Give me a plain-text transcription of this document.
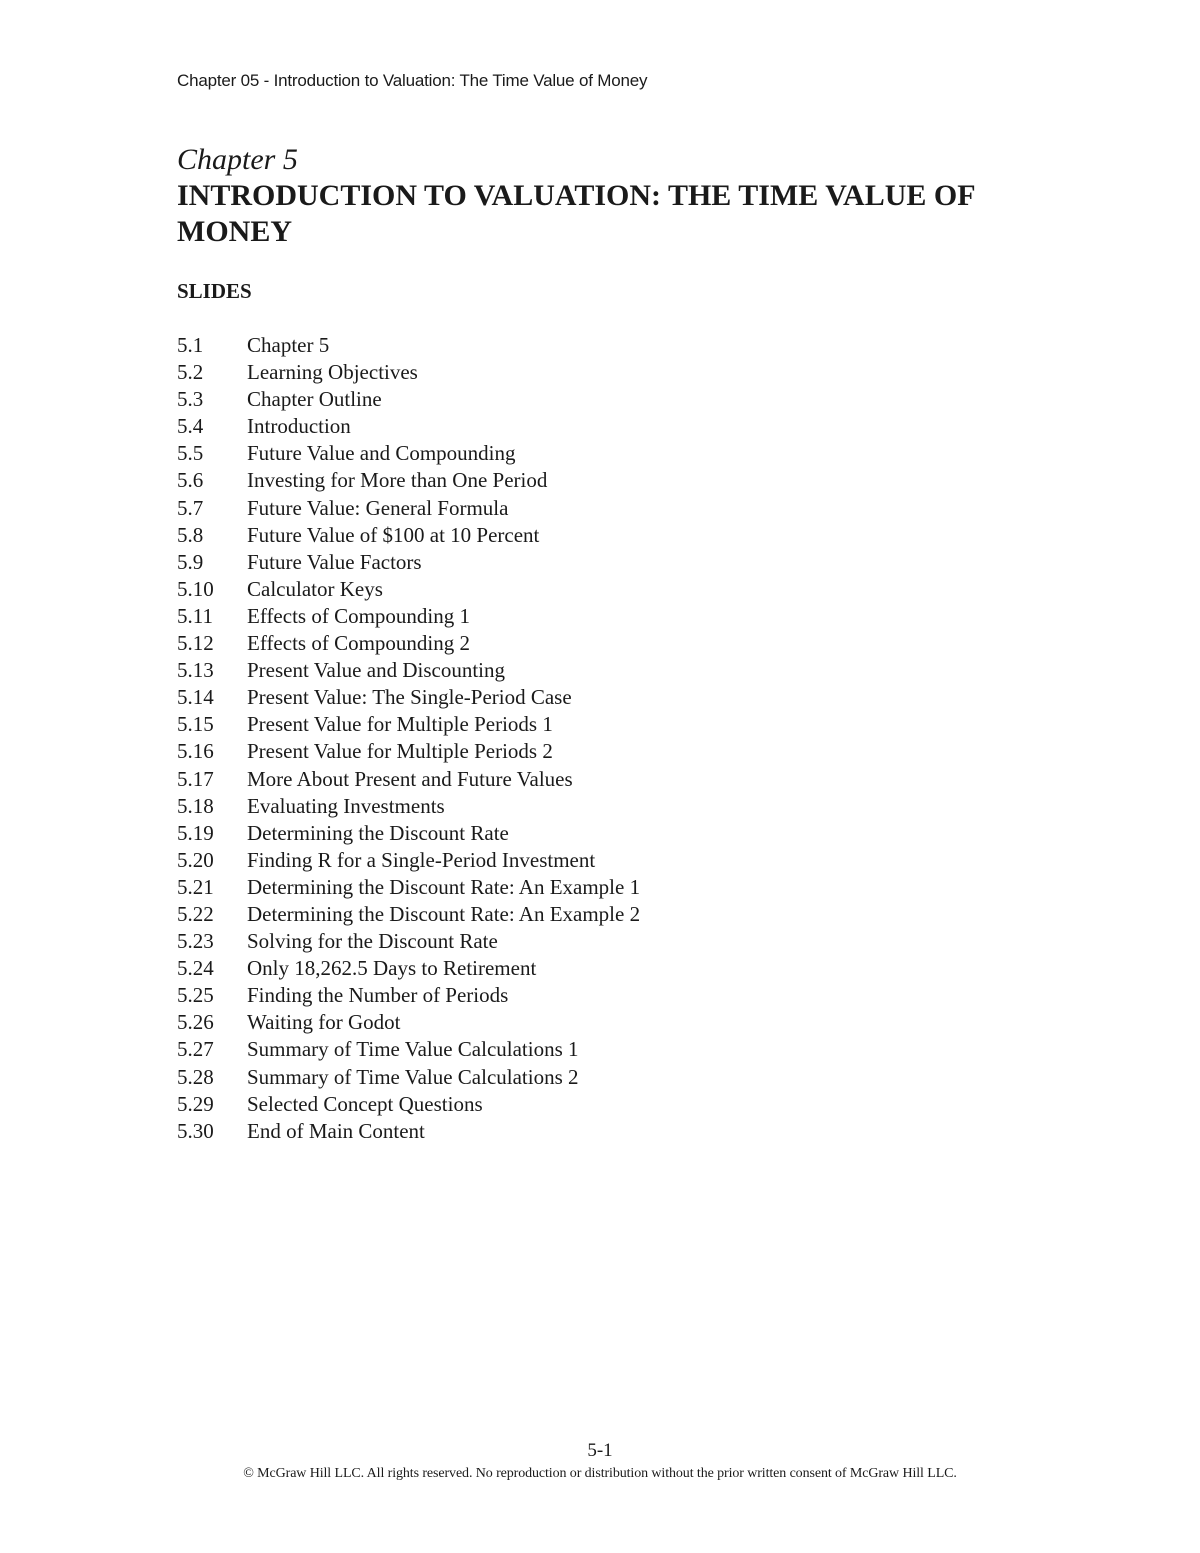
Chapter 05 - Introduction to Valuation: The Time Value of Money
Chapter 5
INTRODUCTION TO VALUATION: THE TIME VALUE OF MONEY
SLIDES
5.1	Chapter 5
5.2	Learning Objectives
5.3	Chapter Outline
5.4	Introduction
5.5	Future Value and Compounding
5.6	Investing for More than One Period
5.7	Future Value: General Formula
5.8	Future Value of $100 at 10 Percent
5.9	Future Value Factors
5.10	Calculator Keys
5.11	Effects of Compounding 1
5.12	Effects of Compounding 2
5.13	Present Value and Discounting
5.14	Present Value: The Single-Period Case
5.15	Present Value for Multiple Periods 1
5.16	Present Value for Multiple Periods 2
5.17	More About Present and Future Values
5.18	Evaluating Investments
5.19	Determining the Discount Rate
5.20	Finding R for a Single-Period Investment
5.21	Determining the Discount Rate: An Example 1
5.22	Determining the Discount Rate: An Example 2
5.23	Solving for the Discount Rate
5.24	Only 18,262.5 Days to Retirement
5.25	Finding the Number of Periods
5.26	Waiting for Godot
5.27	Summary of Time Value Calculations 1
5.28	Summary of Time Value Calculations 2
5.29	Selected Concept Questions
5.30	End of Main Content
5-1
© McGraw Hill LLC. All rights reserved. No reproduction or distribution without the prior written consent of McGraw Hill LLC.
